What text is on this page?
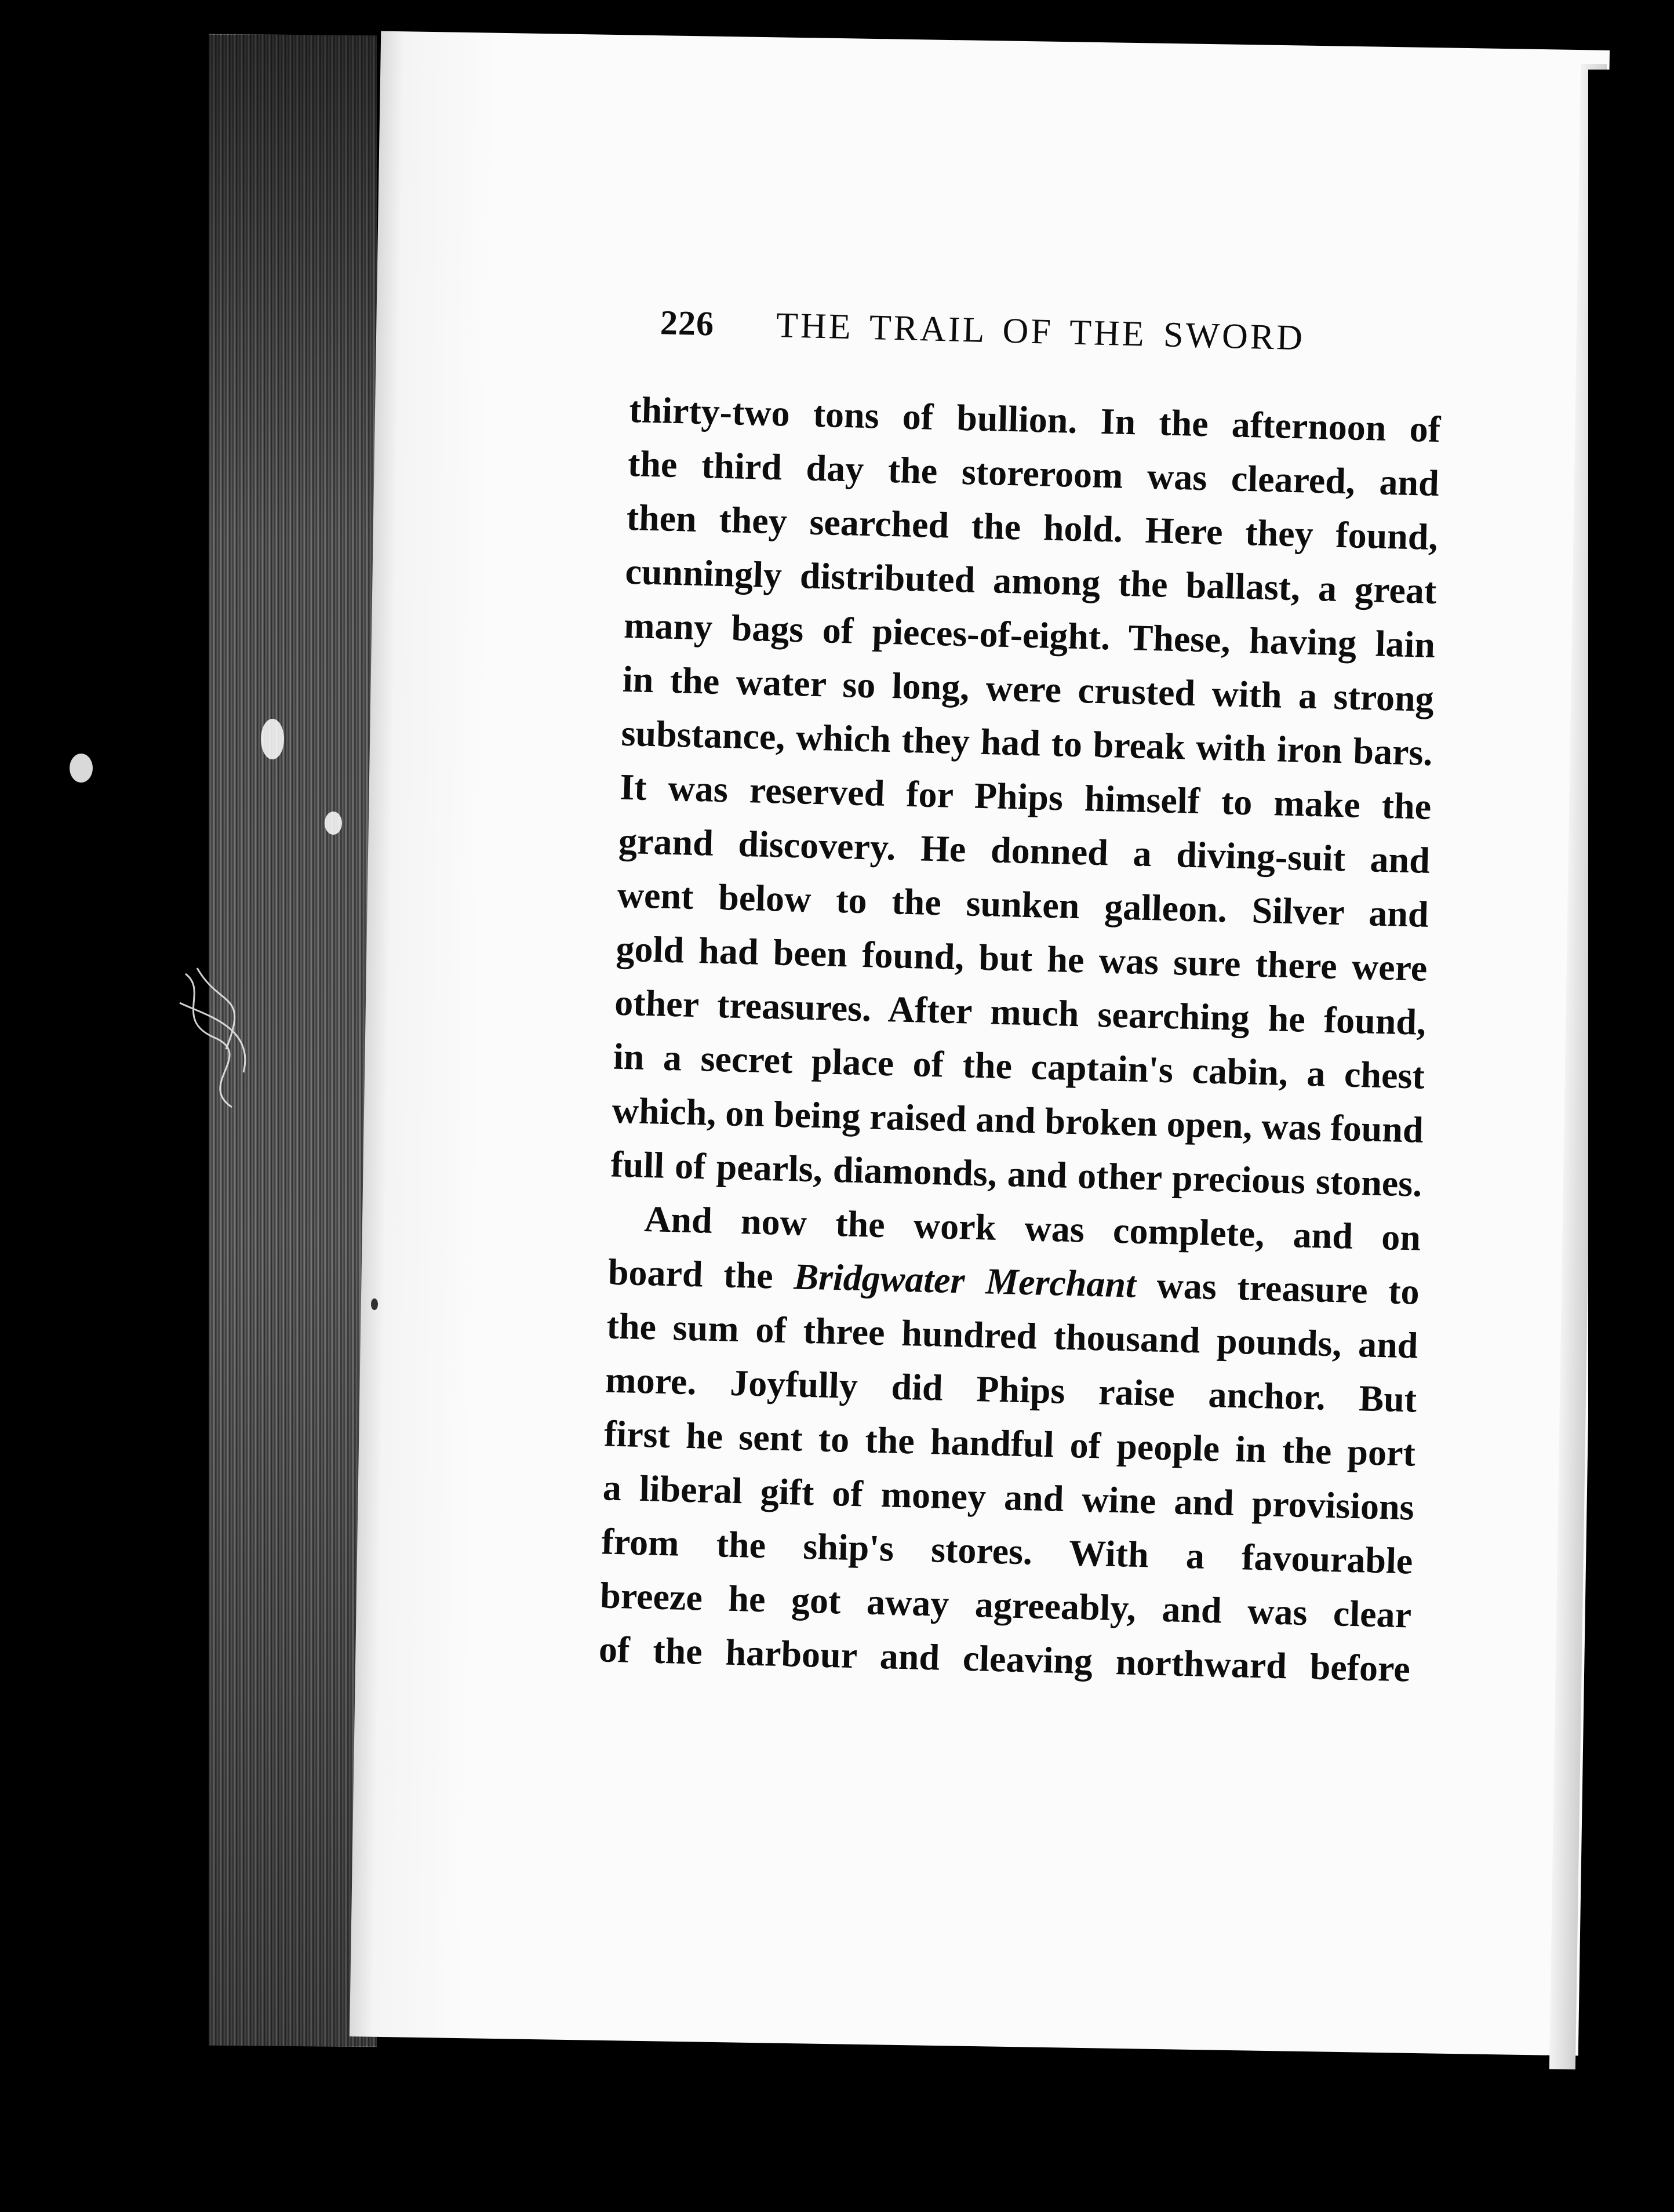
226	THE TRAIL OF THE SWORD
thirty-two tons of bullion. In the afternoon of
the third day the storeroom was cleared, and
then they searched the hold. Here they found,
cunningly distributed among the ballast, a great
many bags of pieces-of-eight. These, having lain
in the water so long, were crusted with a strong
substance, which they had to break with iron bars.
It was reserved for Phips himself to make the
grand discovery. He donned a diving-suit and
went below to the sunken galleon. Silver and
gold had been found, but he was sure there were
other treasures. After much searching he found,
in a secret place of the captain's cabin, a chest
which, on being raised and broken open, was found
full of pearls, diamonds, and other precious stones.
And now the work was complete, and on
board the Bridgwater Merchant was treasure to
the sum of three hundred thousand pounds, and
more. Joyfully did Phips raise anchor. But
first he sent to the handful of people in the port
a liberal gift of money and wine and provisions
from the ship's stores. With a favourable
breeze he got away agreeably, and was clear
of the harbour and cleaving northward before
